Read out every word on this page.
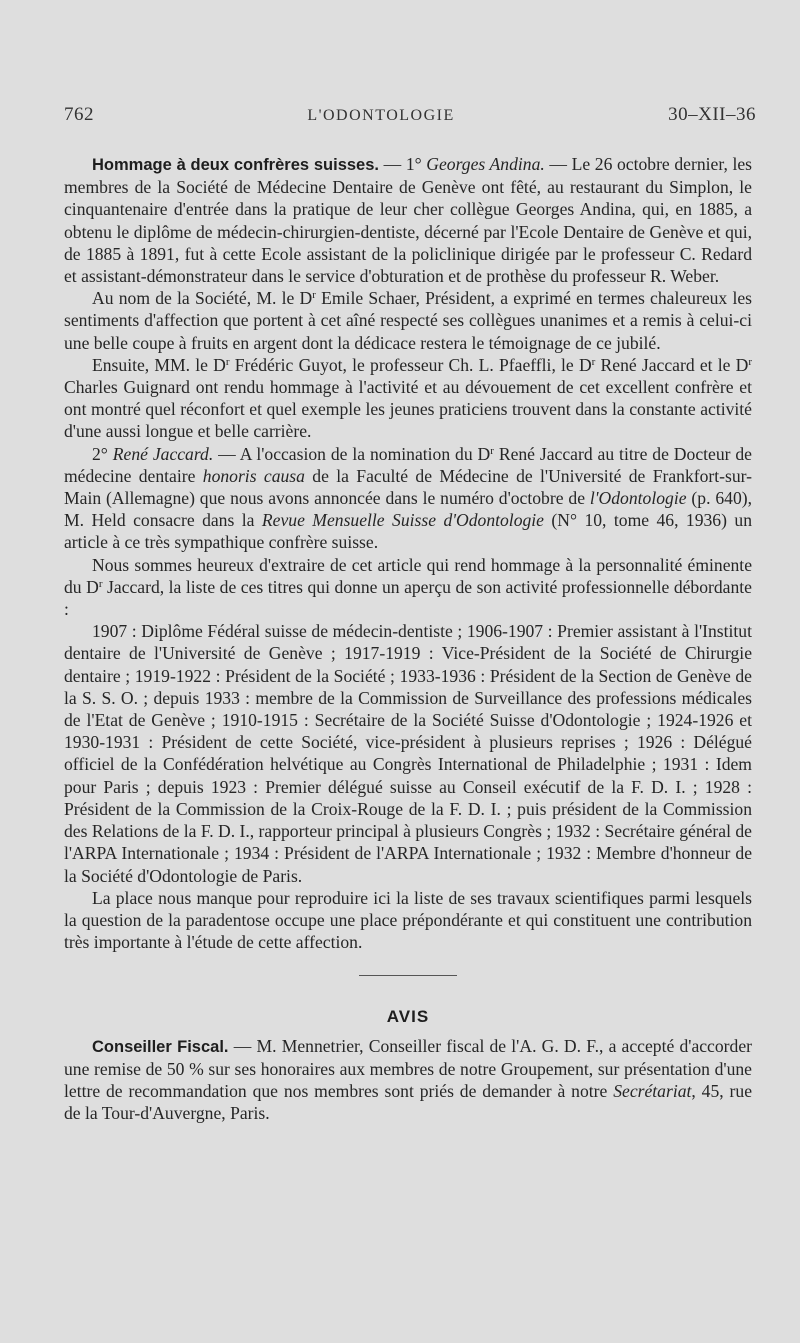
762	L'ODONTOLOGIE	30–XII–36

Hommage à deux confrères suisses. — 1° Georges Andina. — Le 26 octobre dernier, les membres de la Société de Médecine Dentaire de Genève ont fêté, au restaurant du Simplon, le cinquantenaire d'entrée dans la pratique de leur cher collègue Georges Andina, qui, en 1885, a obtenu le diplôme de médecin-chirurgien-dentiste, décerné par l'Ecole Dentaire de Genève et qui, de 1885 à 1891, fut à cette Ecole assistant de la policlinique dirigée par le professeur C. Redard et assistant-démonstrateur dans le service d'obturation et de prothèse du professeur R. Weber.

Au nom de la Société, M. le $D^r$ Emile Schaer, Président, a exprimé en termes chaleureux les sentiments d'affection que portent à cet aîné respecté ses collègues unanimes et a remis à celui-ci une belle coupe à fruits en argent dont la dédicace restera le témoignage de ce jubilé.

Ensuite, MM. le $D^r$ Frédéric Guyot, le professeur Ch. L. Pfaeffli, le $D^r$ René Jaccard et le $D^r$ Charles Guignard ont rendu hommage à l'activité et au dévouement de cet excellent confrère et ont montré quel réconfort et quel exemple les jeunes praticiens trouvent dans la constante activité d'une aussi longue et belle carrière.

2° René Jaccard. — A l'occasion de la nomination du $D^r$ René Jaccard au titre de Docteur de médecine dentaire honoris causa de la Faculté de Médecine de l'Université de Frankfort-sur-Main (Allemagne) que nous avons annoncée dans le numéro d'octobre de l'Odontologie (p. 640), M. Held consacre dans la Revue Mensuelle Suisse d'Odontologie (N° 10, tome 46, 1936) un article à ce très sympathique confrère suisse.

Nous sommes heureux d'extraire de cet article qui rend hommage à la personnalité éminente du $D^r$ Jaccard, la liste de ces titres qui donne un aperçu de son activité professionnelle débordante :

1907 : Diplôme Fédéral suisse de médecin-dentiste ; 1906-1907 : Premier assistant à l'Institut dentaire de l'Université de Genève ; 1917-1919 : Vice-Président de la Société de Chirurgie dentaire ; 1919-1922 : Président de la Société ; 1933-1936 : Président de la Section de Genève de la S. S. O. ; depuis 1933 : membre de la Commission de Surveillance des professions médicales de l'Etat de Genève ; 1910-1915 : Secrétaire de la Société Suisse d'Odontologie ; 1924-1926 et 1930-1931 : Président de cette Société, vice-président à plusieurs reprises ; 1926 : Délégué officiel de la Confédération helvétique au Congrès International de Philadelphie ; 1931 : Idem pour Paris ; depuis 1923 : Premier délégué suisse au Conseil exécutif de la F. D. I. ; 1928 : Président de la Commission de la Croix-Rouge de la F. D. I. ; puis président de la Commission des Relations de la F. D. I., rapporteur principal à plusieurs Congrès ; 1932 : Secrétaire général de l'ARPA Internationale ; 1934 : Président de l'ARPA Internationale ; 1932 : Membre d'honneur de la Société d'Odontologie de Paris.

La place nous manque pour reproduire ici la liste de ses travaux scientifiques parmi lesquels la question de la paradentose occupe une place prépondérante et qui constituent une contribution très importante à l'étude de cette affection.

AVIS

Conseiller Fiscal. — M. Mennetrier, Conseiller fiscal de l'A. G. D. F., a accepté d'accorder une remise de 50 % sur ses honoraires aux membres de notre Groupement, sur présentation d'une lettre de recommandation que nos membres sont priés de demander à notre Secrétariat, 45, rue de la Tour-d'Auvergne, Paris.
